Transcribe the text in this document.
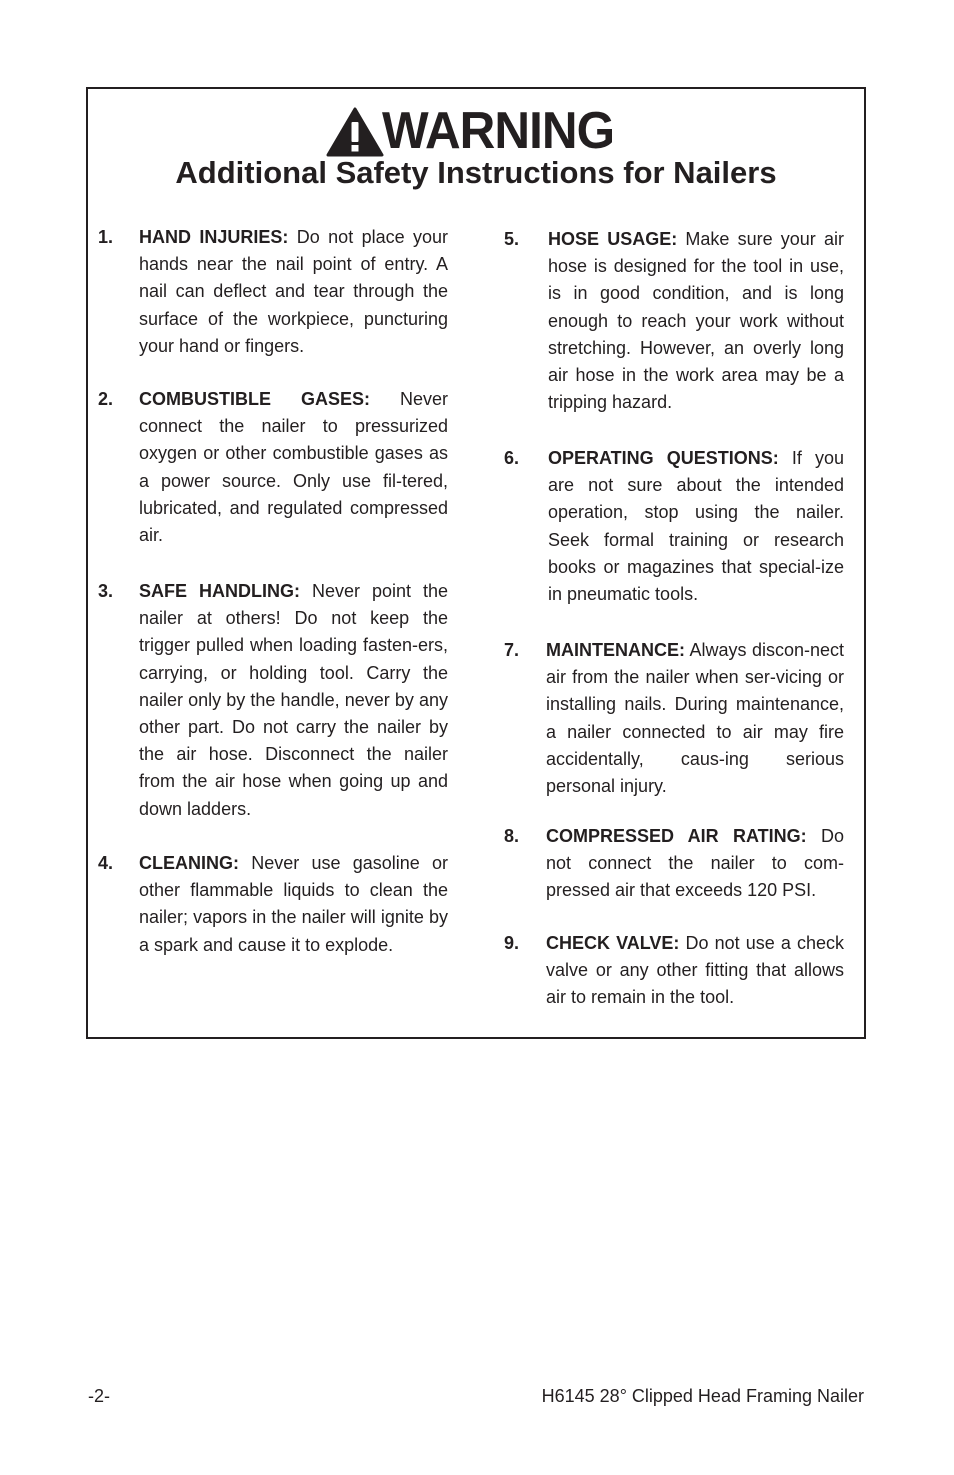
WARNING
Additional Safety Instructions for Nailers
1. HAND INJURIES: Do not place your hands near the nail point of entry. A nail can deflect and tear through the surface of the workpiece, puncturing your hand or fingers.
2. COMBUSTIBLE GASES: Never connect the nailer to pressurized oxygen or other combustible gases as a power source. Only use fil-tered, lubricated, and regulated compressed air.
3. SAFE HANDLING: Never point the nailer at others! Do not keep the trigger pulled when loading fasten-ers, carrying, or holding tool. Carry the nailer only by the handle, never by any other part. Do not carry the nailer by the air hose. Disconnect the nailer from the air hose when going up and down ladders.
4. CLEANING: Never use gasoline or other flammable liquids to clean the nailer; vapors in the nailer will ignite by a spark and cause it to explode.
5. HOSE USAGE: Make sure your air hose is designed for the tool in use, is in good condition, and is long enough to reach your work without stretching. However, an overly long air hose in the work area may be a tripping hazard.
6. OPERATING QUESTIONS: If you are not sure about the intended operation, stop using the nailer. Seek formal training or research books or magazines that special-ize in pneumatic tools.
7. MAINTENANCE: Always discon-nect air from the nailer when ser-vicing or installing nails. During maintenance, a nailer connected to air may fire accidentally, caus-ing serious personal injury.
8. COMPRESSED AIR RATING: Do not connect the nailer to com-pressed air that exceeds 120 PSI.
9. CHECK VALVE: Do not use a check valve or any other fitting that allows air to remain in the tool.
-2-	H6145 28° Clipped Head Framing Nailer
